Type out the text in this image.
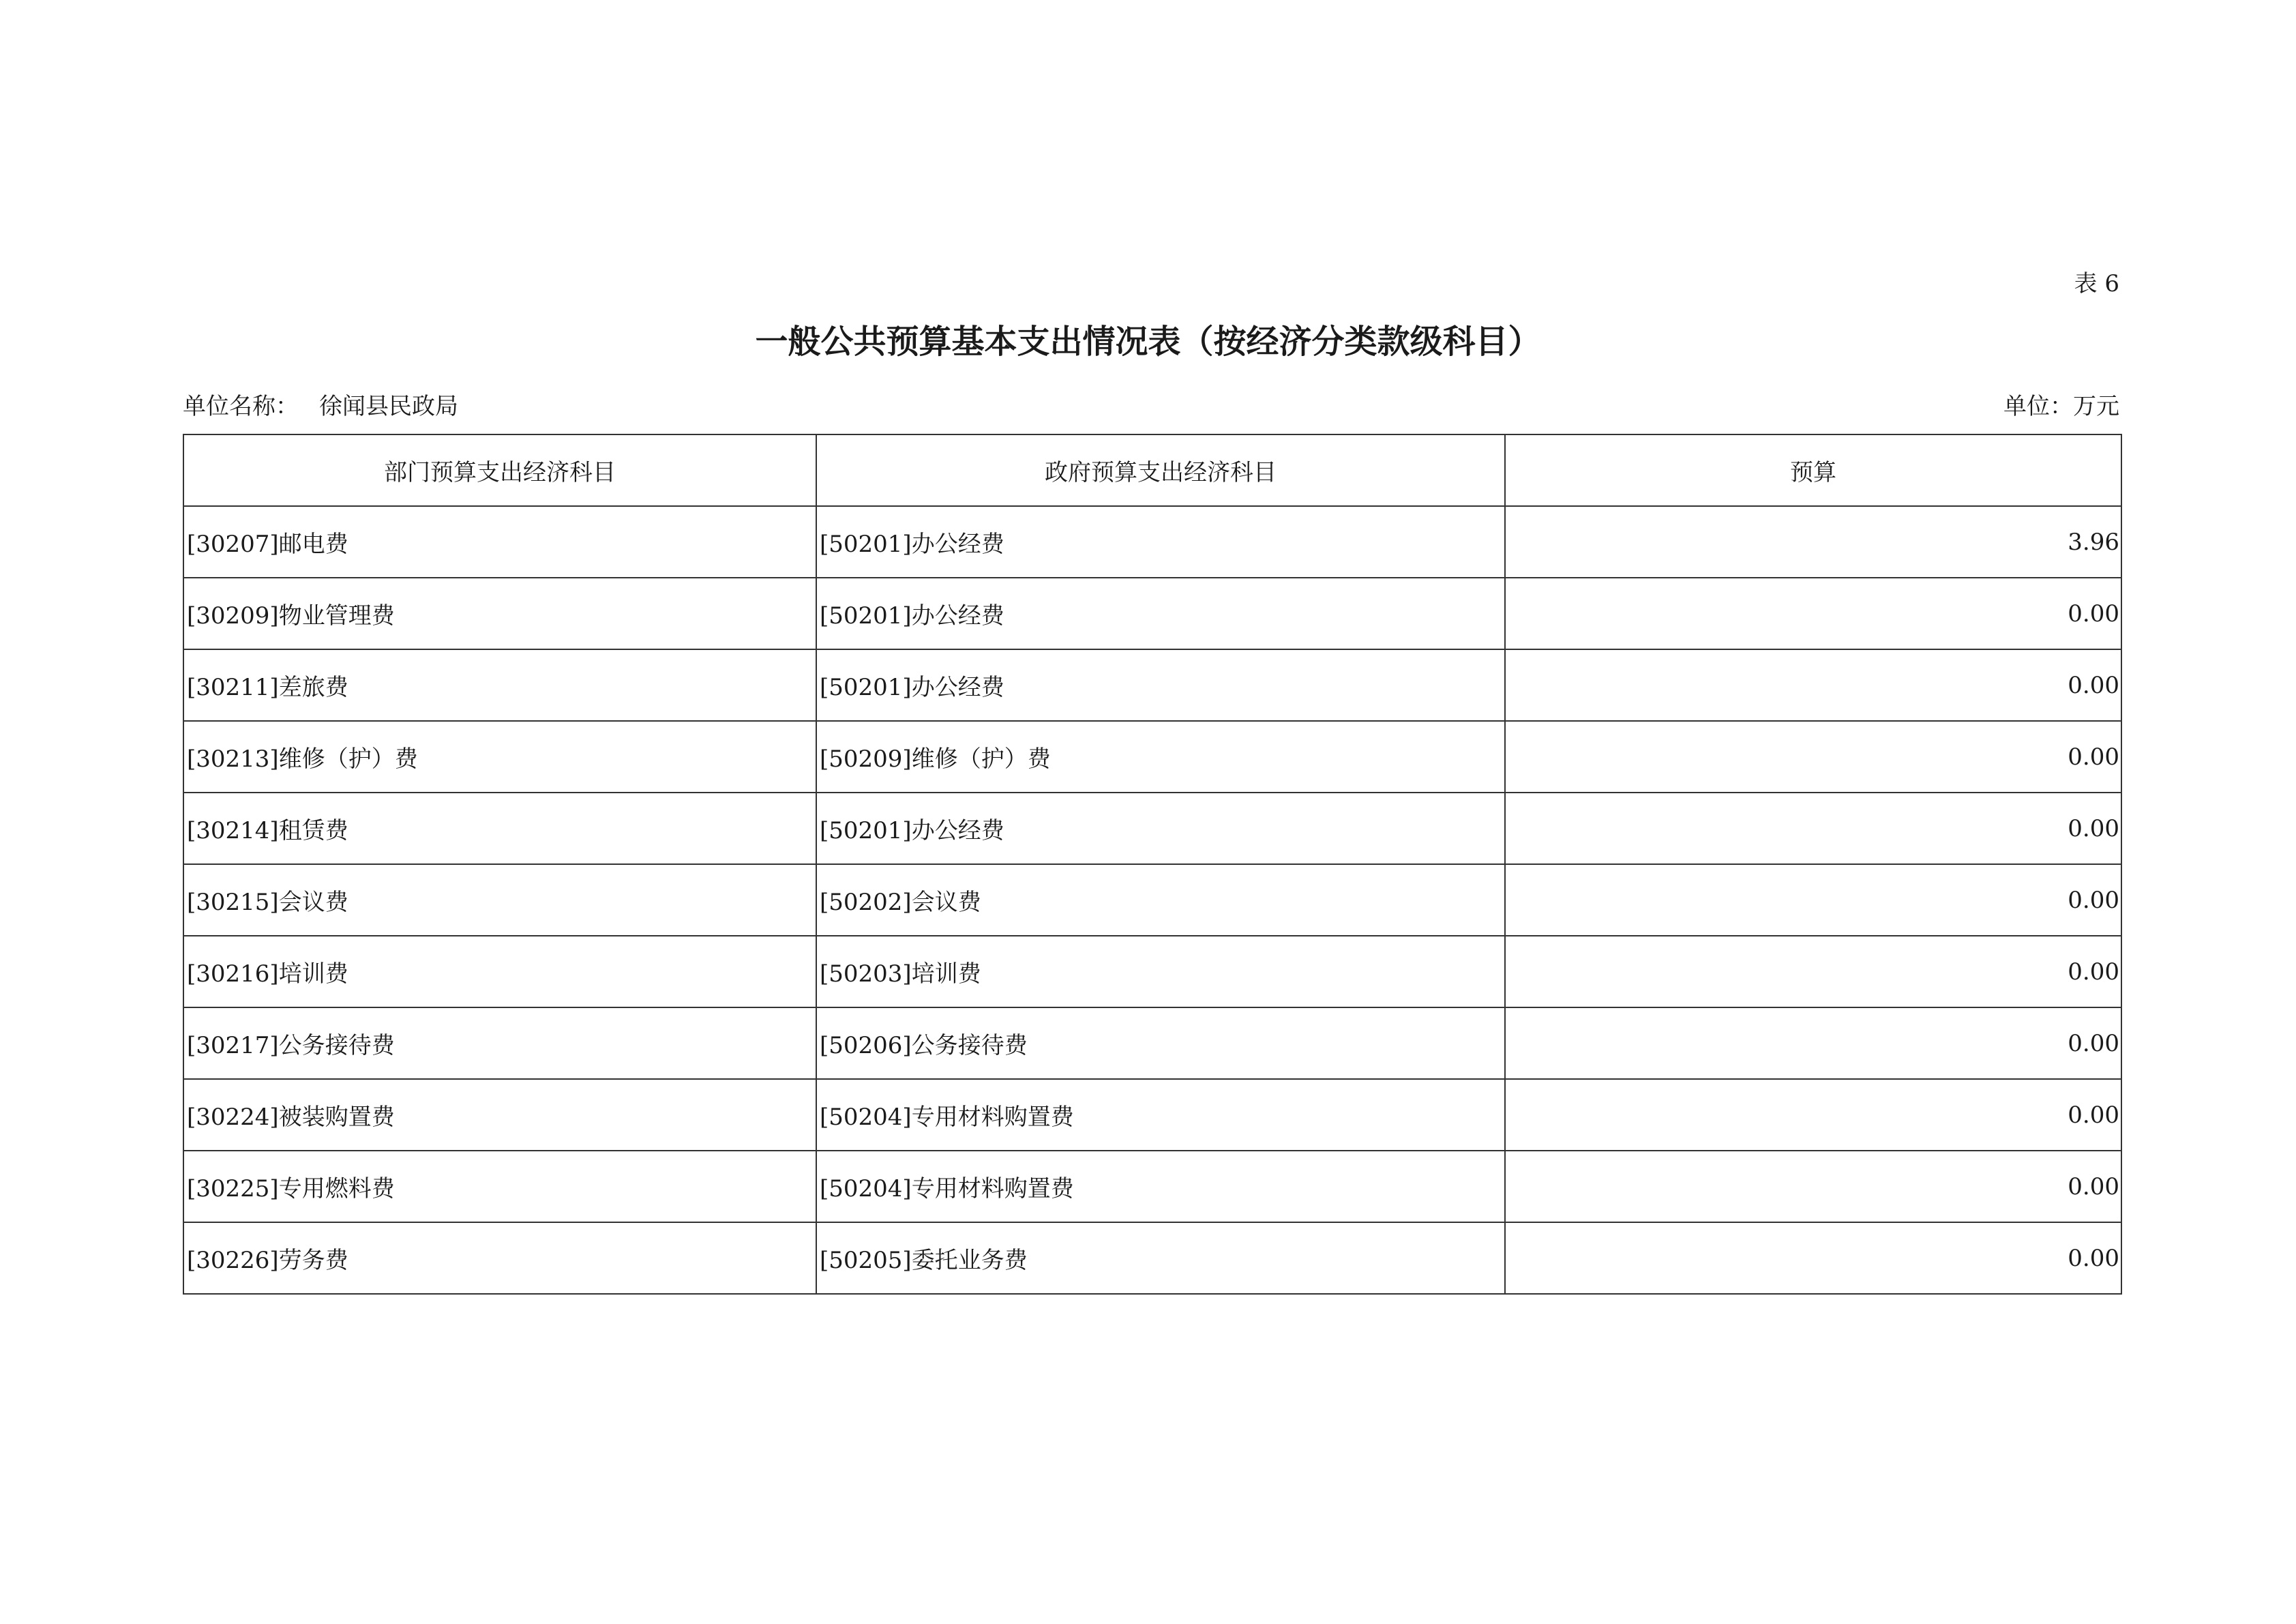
表 6
一般公共预算基本支出情况表（按经济分类款级科目）
单位名称： 徐闻县民政局	单位：万元
部门预算支出经济科目	政府预算支出经济科目	预算
[30207]邮电费	[50201]办公经费	3.96
[30209]物业管理费	[50201]办公经费	0.00
[30211]差旅费	[50201]办公经费	0.00
[30213]维修（护）费	[50209]维修（护）费	0.00
[30214]租赁费	[50201]办公经费	0.00
[30215]会议费	[50202]会议费	0.00
[30216]培训费	[50203]培训费	0.00
[30217]公务接待费	[50206]公务接待费	0.00
[30224]被装购置费	[50204]专用材料购置费	0.00
[30225]专用燃料费	[50204]专用材料购置费	0.00
[30226]劳务费	[50205]委托业务费	0.00
